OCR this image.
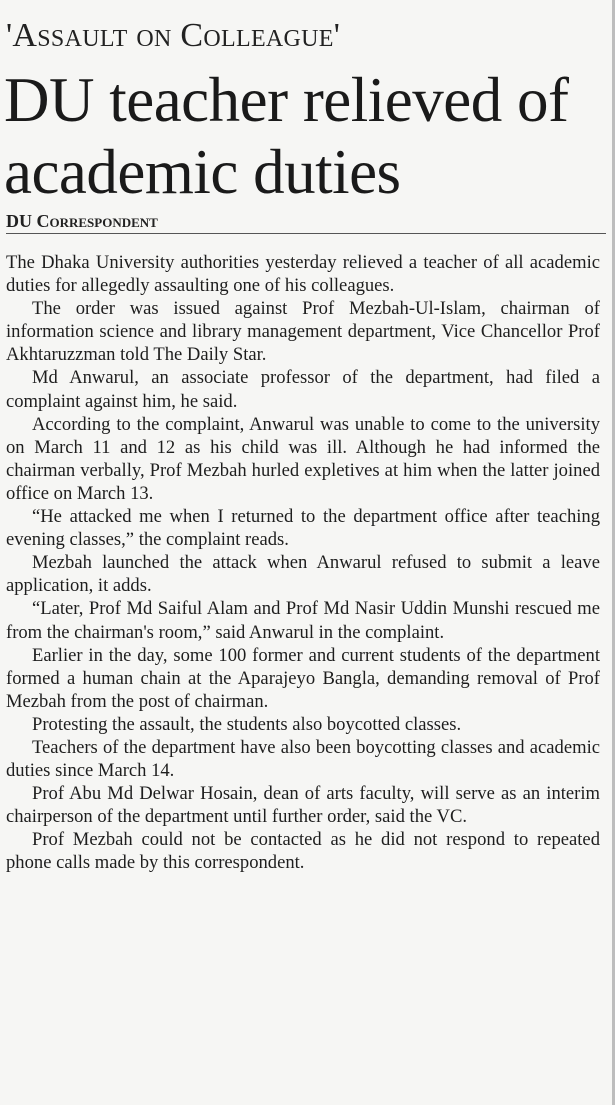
'Assault on Colleague'
DU teacher relieved of academic duties
DU Correspondent

The Dhaka University authorities yesterday relieved a teacher of all academic duties for allegedly assaulting one of his colleagues.

The order was issued against Prof Mezbah-Ul-Islam, chairman of information science and library management department, Vice Chancellor Prof Akhtaruzzman told The Daily Star.

Md Anwarul, an associate professor of the department, had filed a complaint against him, he said.

According to the complaint, Anwarul was unable to come to the university on March 11 and 12 as his child was ill. Although he had informed the chairman verbally, Prof Mezbah hurled expletives at him when the latter joined office on March 13.

“He attacked me when I returned to the department office after teaching evening classes,” the complaint reads.

Mezbah launched the attack when Anwarul refused to submit a leave application, it adds.

“Later, Prof Md Saiful Alam and Prof Md Nasir Uddin Munshi rescued me from the chairman's room,” said Anwarul in the complaint.

Earlier in the day, some 100 former and current students of the department formed a human chain at the Aparajeyo Bangla, demanding removal of Prof Mezbah from the post of chairman.

Protesting the assault, the students also boycotted classes.

Teachers of the department have also been boycotting classes and academic duties since March 14.

Prof Abu Md Delwar Hosain, dean of arts faculty, will serve as an interim chairperson of the department until further order, said the VC.

Prof Mezbah could not be contacted as he did not respond to repeated phone calls made by this correspondent.
